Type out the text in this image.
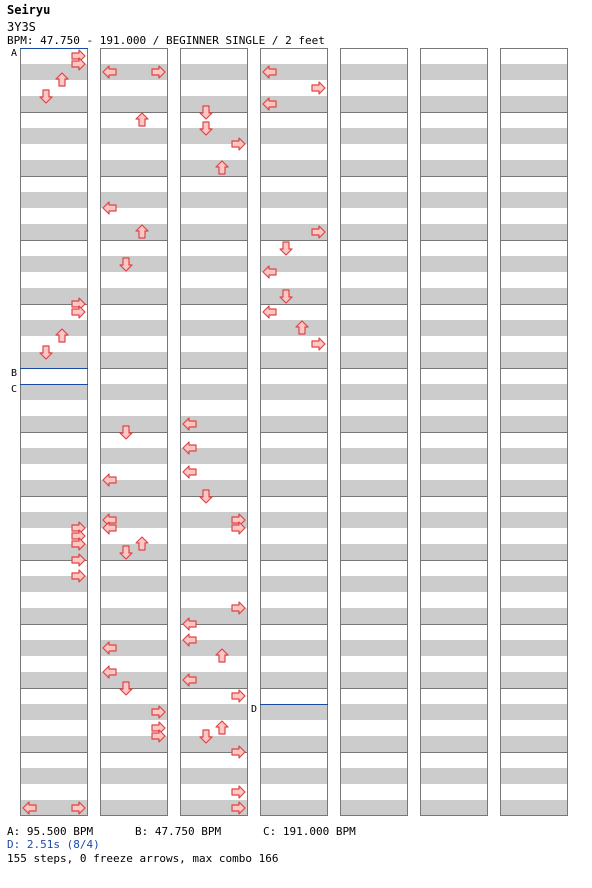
Seiryu
3Y3S
BPM: 47.750 - 191.000 / BEGINNER SINGLE / 2 feet
A
B
C
D
A: 95.500 BPM	B: 47.750 BPM	C: 191.000 BPM
D: 2.51s (8/4)
155 steps, 0 freeze arrows, max combo 166
